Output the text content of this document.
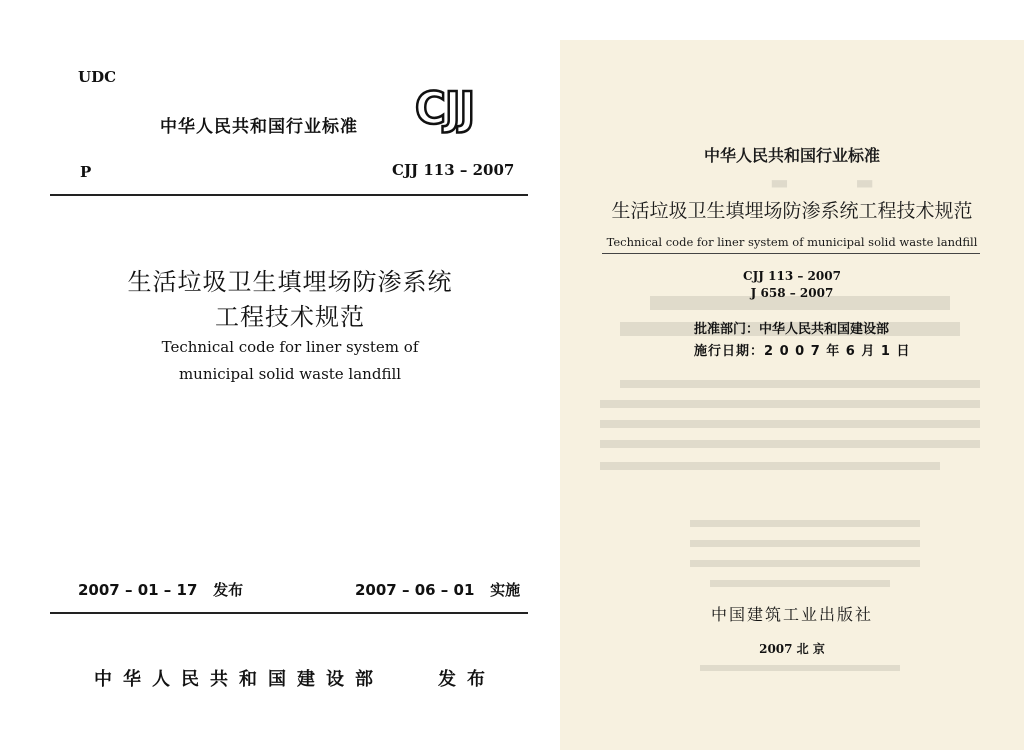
UDC

中华人民共和国行业标准 CJJ

P	CJJ 113 – 2007

生活垃圾卫生填埋场防渗系统

工程技术规范

Technical code for liner system of

municipal solid waste landfill

2007 – 01 – 17 发布	2007 – 06 – 01 实施

中华人民共和国建设部	发布

▬ ▬

中华人民共和国行业标准

生活垃圾卫生填埋场防渗系统工程技术规范

Technical code for liner system of municipal solid waste landfill

CJJ 113 – 2007

J 658 – 2007

批准部门：中华人民共和国建设部

施行日期：2 0 0 7 年 6 月 1 日

中国建筑工业出版社

2007 北 京
